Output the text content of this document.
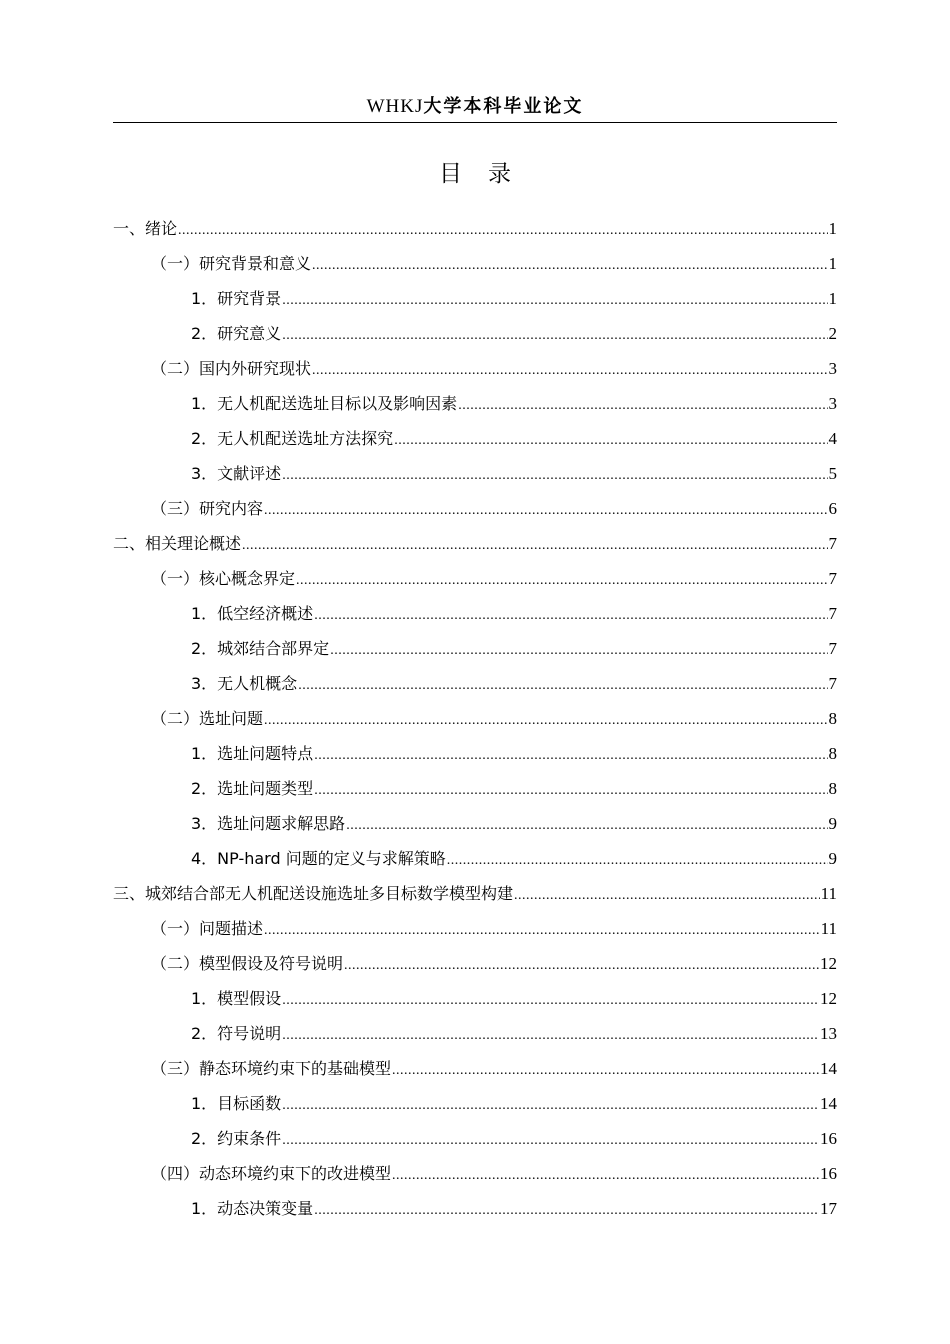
WHKJ大学本科毕业论文
目录
一、绪论 .....	1
（一）研究背景和意义 .....	1
1．研究背景 .....	1
2．研究意义 .....	2
（二）国内外研究现状 .....	3
1．无人机配送选址目标以及影响因素 .....	3
2．无人机配送选址方法探究 .....	4
3．文献评述 .....	5
（三）研究内容 .....	6
二、相关理论概述 .....	7
（一）核心概念界定 .....	7
1．低空经济概述 .....	7
2．城郊结合部界定 .....	7
3．无人机概念 .....	7
（二）选址问题 .....	8
1．选址问题特点 .....	8
2．选址问题类型 .....	8
3．选址问题求解思路 .....	9
4．NP-hard 问题的定义与求解策略 .....	9
三、城郊结合部无人机配送设施选址多目标数学模型构建 .....	11
（一）问题描述 .....	11
（二）模型假设及符号说明 .....	12
1．模型假设 .....	12
2．符号说明 .....	13
（三）静态环境约束下的基础模型 .....	14
1．目标函数 .....	14
2．约束条件 .....	16
（四）动态环境约束下的改进模型 .....	16
1．动态决策变量 .....	17
